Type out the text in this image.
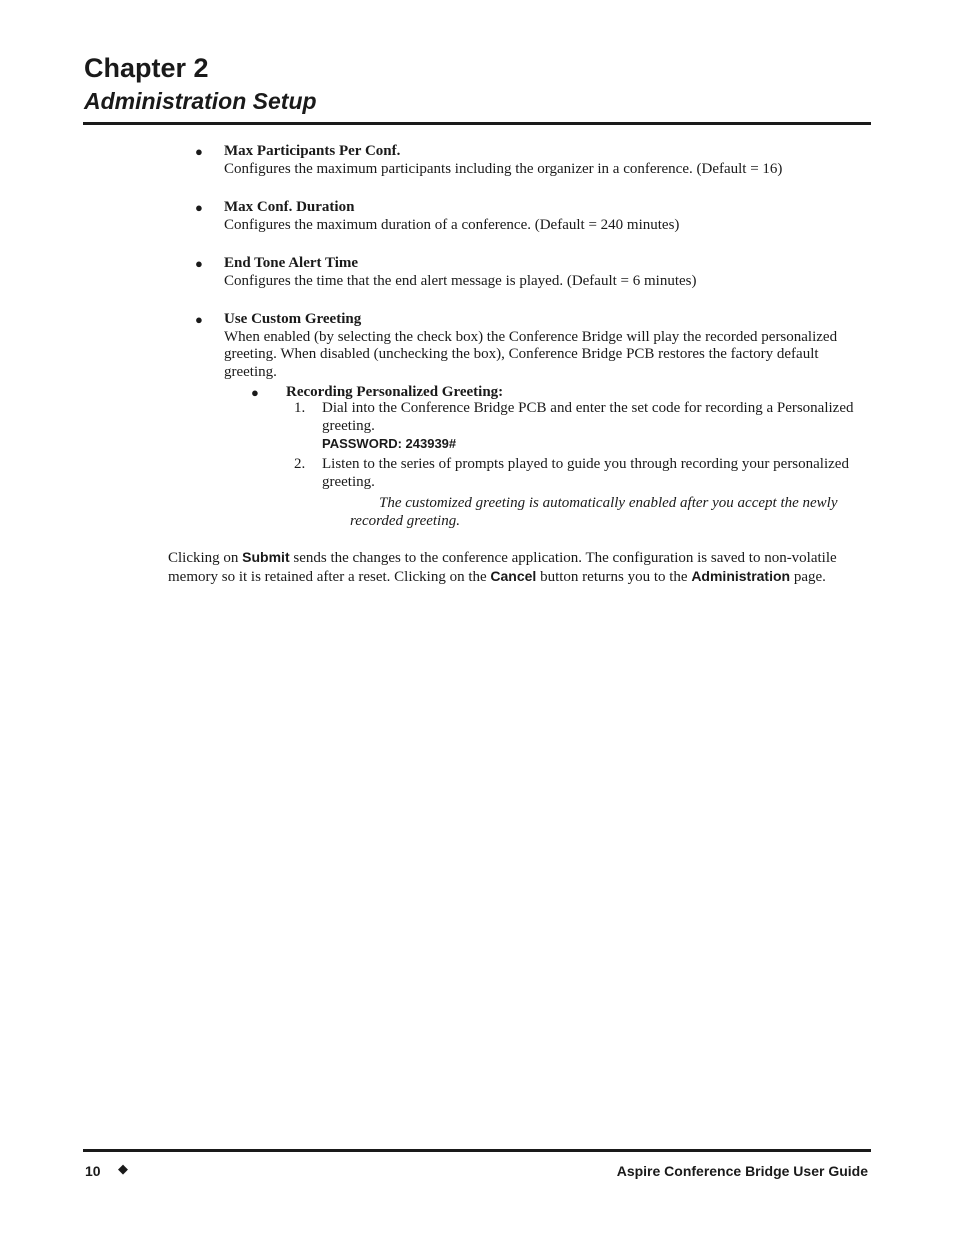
Chapter 2
Administration Setup
● Max Participants Per Conf.
Configures the maximum participants including the organizer in a conference. (Default = 16)
● Max Conf. Duration
Configures the maximum duration of a conference. (Default = 240 minutes)
● End Tone Alert Time
Configures the time that the end alert message is played. (Default = 6 minutes)
● Use Custom Greeting
When enabled (by selecting the check box) the Conference Bridge will play the recorded personalized greeting. When disabled (unchecking the box), Conference Bridge PCB restores the factory default greeting.
● Recording Personalized Greeting:
1. Dial into the Conference Bridge PCB and enter the set code for recording a Personalized greeting.
PASSWORD: 243939#
2. Listen to the series of prompts played to guide you through recording your personalized greeting.
The customized greeting is automatically enabled after you accept the newly recorded greeting.
Clicking on Submit sends the changes to the conference application. The configuration is saved to non-volatile memory so it is retained after a reset. Clicking on the Cancel button returns you to the Administration page.
10 ◆	Aspire Conference Bridge User Guide
